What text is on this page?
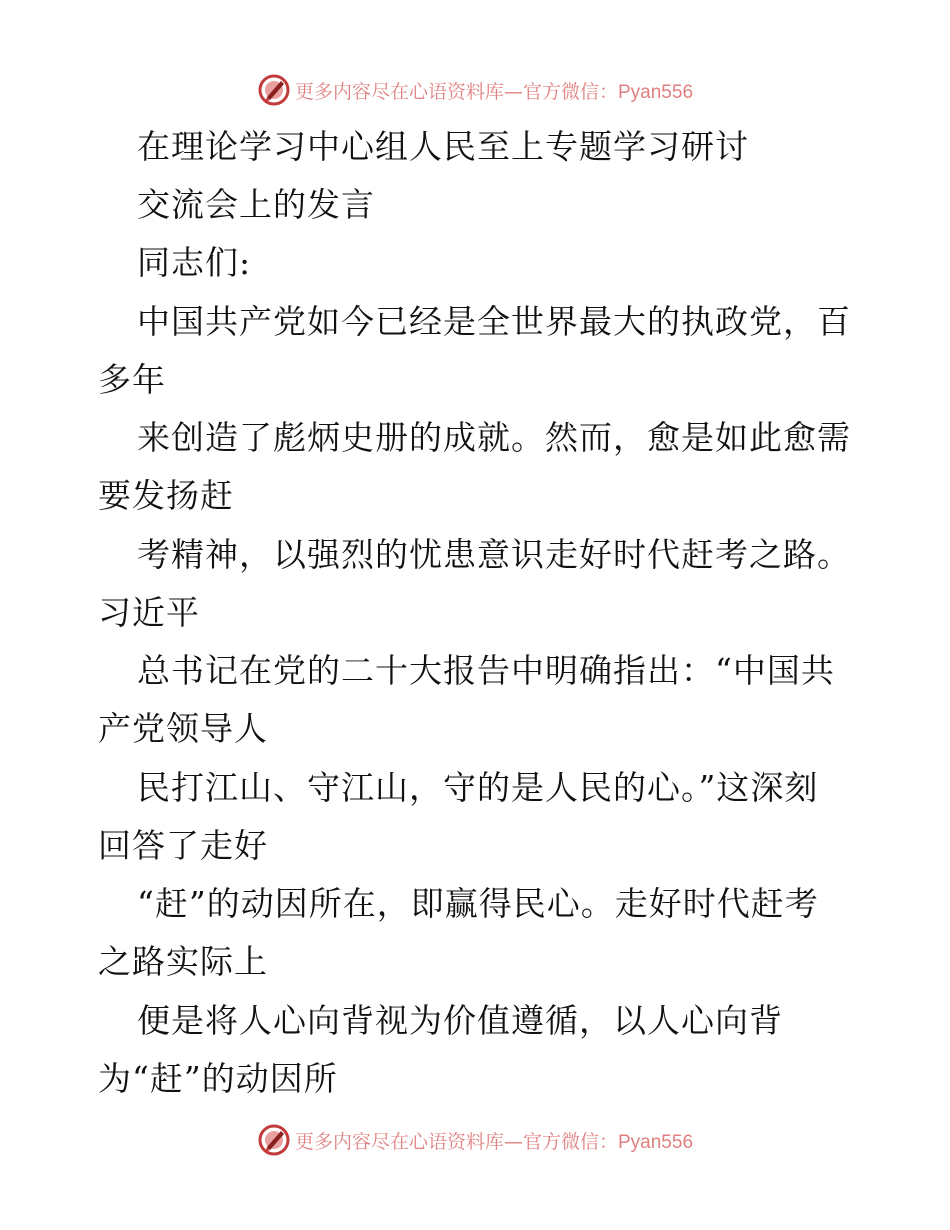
更多内容尽在心语资料库—官方微信：Pyan556
在理论学习中心组人民至上专题学习研讨
交流会上的发言
同志们:
中国共产党如今已经是全世界最大的执政党，百
多年
来创造了彪炳史册的成就。然而，愈是如此愈需
要发扬赶
考精神，以强烈的忧患意识走好时代赶考之路。
习近平
总书记在党的二十大报告中明确指出：“中国共
产党领导人
民打江山、守江山，守的是人民的心。”这深刻
回答了走好
“赶”的动因所在，即赢得民心。走好时代赶考
之路实际上
便是将人心向背视为价值遵循，以人心向背
为“赶”的动因所
更多内容尽在心语资料库—官方微信：Pyan556
